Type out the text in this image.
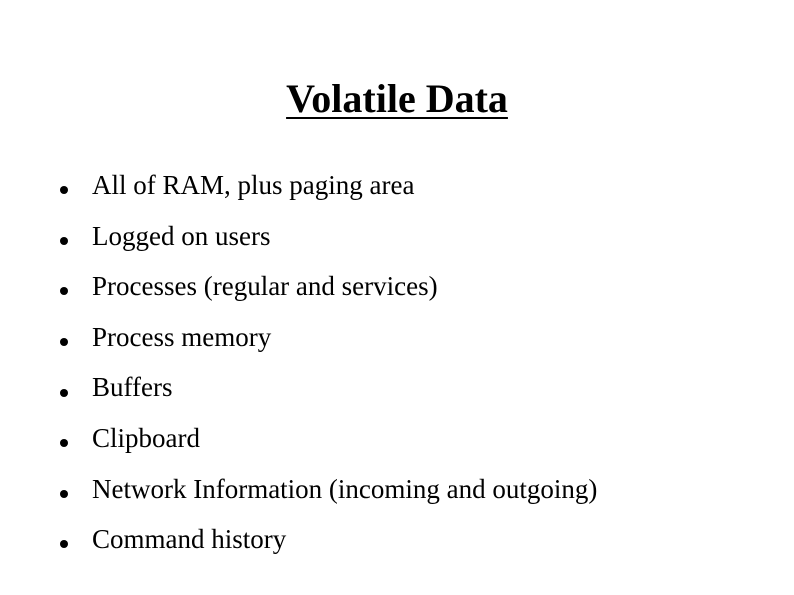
Volatile Data
All of RAM, plus paging area
Logged on users
Processes (regular and services)
Process memory
Buffers
Clipboard
Network Information (incoming and outgoing)
Command history
